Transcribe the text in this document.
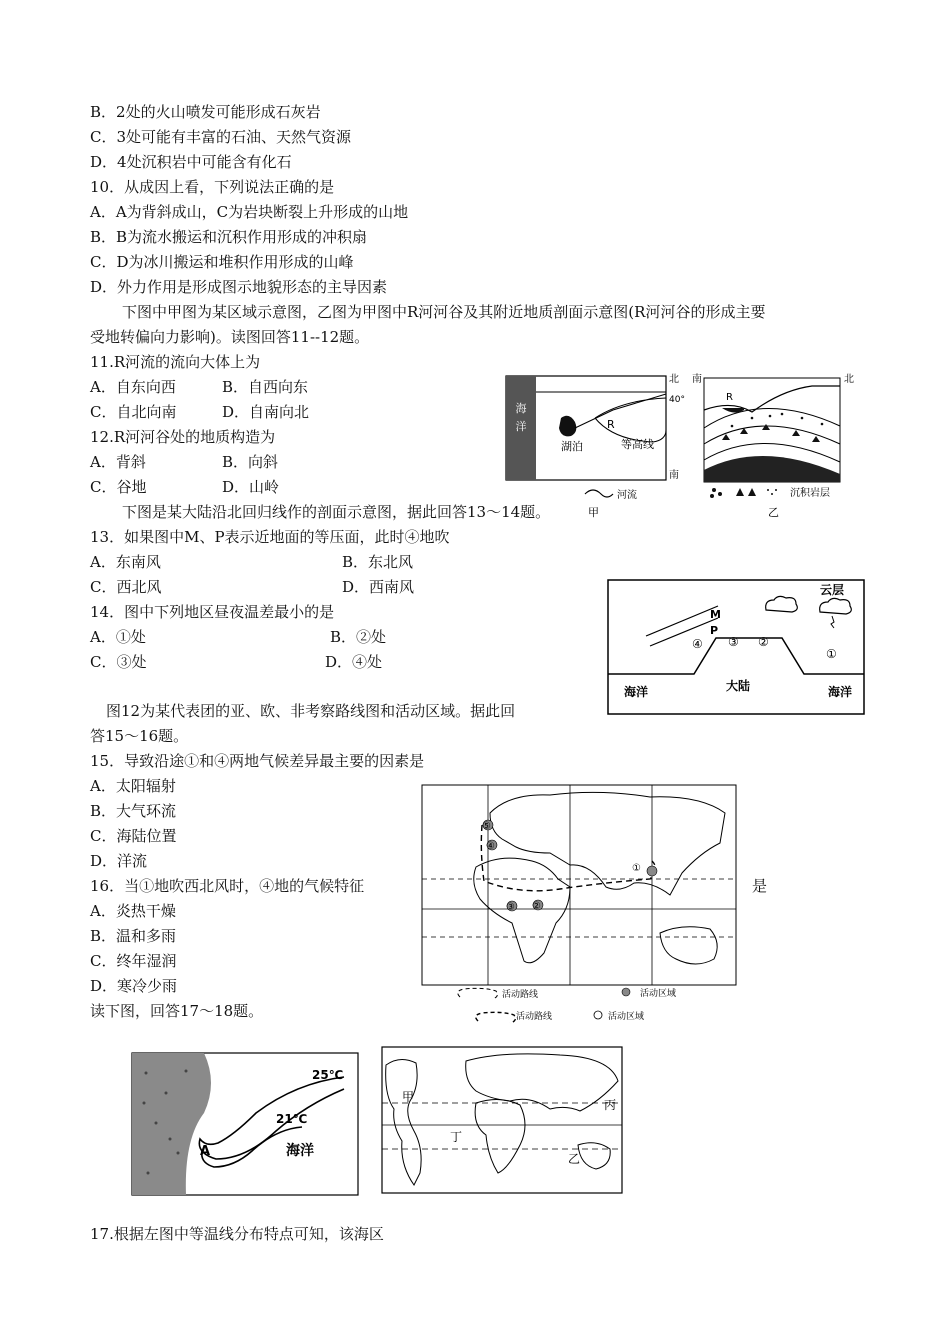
B．2处的火山喷发可能形成石灰岩
C．3处可能有丰富的石油、天然气资源
D．4处沉积岩中可能含有化石
10．从成因上看，下列说法正确的是
A．A为背斜成山，C为岩块断裂上升形成的山地
B．B为流水搬运和沉积作用形成的冲积扇
C．D为冰川搬运和堆积作用形成的山峰
D．外力作用是形成图示地貌形态的主导因素
下图中甲图为某区域示意图，乙图为甲图中R河河谷及其附近地质剖面示意图(R河河谷的形成主要
受地转偏向力影响)。读图回答11--12题。
11.R河流的流向大体上为
A．自东向西	B．自西向东
C．自北向南	D．自南向北
12.R河河谷处的地质构造为
A．背斜	B．向斜
C．谷地	D．山岭
下图是某大陆沿北回归线作的剖面示意图，据此回答13～14题。
13．如果图中M、P表示近地面的等压面，此时④地吹
A．东南风	B．东北风
C．西北风	D．西南风
14．图中下列地区昼夜温差最小的是
A．①处	B．②处
C．③处	D．④处
图12为某代表团的亚、欧、非考察路线图和活动区域。据此回
答15～16题。
15．导致沿途①和④两地气候差异最主要的因素是
A．太阳辐射
B．大气环流
C．海陆位置
D．洋流
16．当①地吹西北风时，④地的气候特征	是
A．炎热干燥
B．温和多雨
C．终年湿润
D．寒冷少雨
读下图，回答17～18题。
17.根据左图中等温线分布特点可知，该海区
海
洋
湖泊
R
等高线
北
40°
南
河流
甲
南	北
R
沉积岩层
乙
海洋	大陆	海洋
M
P
④ ③ ②
①
云层
①
②
③
④
⑤
活动路线	活动区域
活动路线	活动区域
25℃
21℃
A	海洋
甲
丙
丁
乙
